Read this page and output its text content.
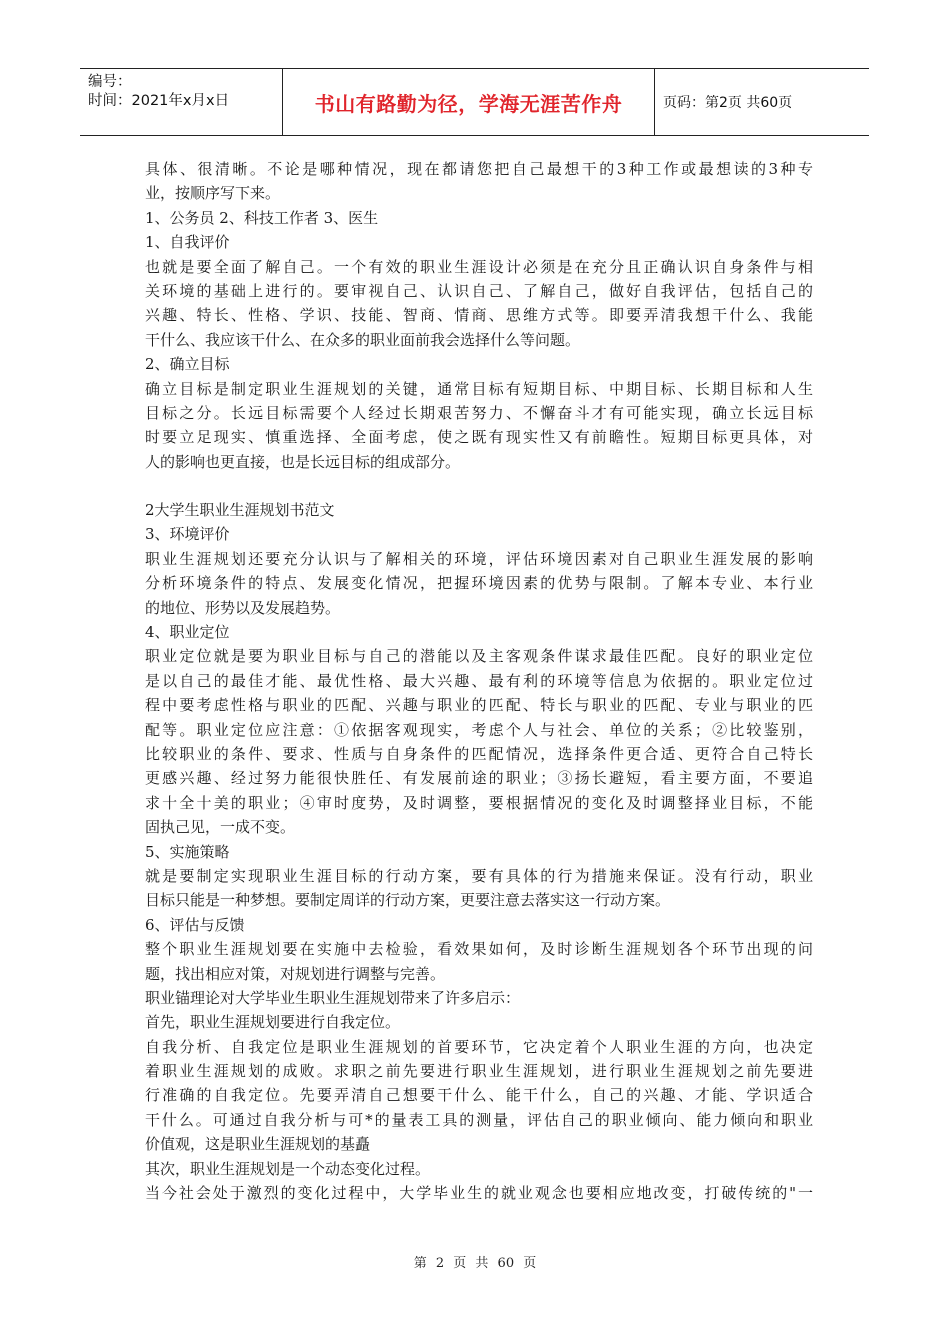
编号：
时间：2021年x月x日	书山有路勤为径，学海无涯苦作舟	页码：第2页 共60页
具体、很清晰。不论是哪种情况，现在都请您把自己最想干的3种工作或最想读的3种专
业，按顺序写下来。
1、公务员 2、科技工作者 3、医生
1、自我评价
也就是要全面了解自己。一个有效的职业生涯设计必须是在充分且正确认识自身条件与相
关环境的基础上进行的。要审视自己、认识自己、了解自己，做好自我评估，包括自己的
兴趣、特长、性格、学识、技能、智商、情商、思维方式等。即要弄清我想干什么、我能
干什么、我应该干什么、在众多的职业面前我会选择什么等问题。
2、确立目标
确立目标是制定职业生涯规划的关键，通常目标有短期目标、中期目标、长期目标和人生
目标之分。长远目标需要个人经过长期艰苦努力、不懈奋斗才有可能实现，确立长远目标
时要立足现实、慎重选择、全面考虑，使之既有现实性又有前瞻性。短期目标更具体，对
人的影响也更直接，也是长远目标的组成部分。
2大学生职业生涯规划书范文
3、环境评价
职业生涯规划还要充分认识与了解相关的环境，评估环境因素对自己职业生涯发展的影响
分析环境条件的特点、发展变化情况，把握环境因素的优势与限制。了解本专业、本行业
的地位、形势以及发展趋势。
4、职业定位
职业定位就是要为职业目标与自己的潜能以及主客观条件谋求最佳匹配。良好的职业定位
是以自己的最佳才能、最优性格、最大兴趣、最有利的环境等信息为依据的。职业定位过
程中要考虑性格与职业的匹配、兴趣与职业的匹配、特长与职业的匹配、专业与职业的匹
配等。职业定位应注意：①依据客观现实，考虑个人与社会、单位的关系；②比较鉴别，
比较职业的条件、要求、性质与自身条件的匹配情况，选择条件更合适、更符合自己特长
更感兴趣、经过努力能很快胜任、有发展前途的职业；③扬长避短，看主要方面，不要追
求十全十美的职业；④审时度势，及时调整，要根据情况的变化及时调整择业目标，不能
固执己见，一成不变。
5、实施策略
就是要制定实现职业生涯目标的行动方案，要有具体的行为措施来保证。没有行动，职业
目标只能是一种梦想。要制定周详的行动方案，更要注意去落实这一行动方案。
6、评估与反馈
整个职业生涯规划要在实施中去检验，看效果如何，及时诊断生涯规划各个环节出现的问
题，找出相应对策，对规划进行调整与完善。
职业锚理论对大学毕业生职业生涯规划带来了许多启示：
首先，职业生涯规划要进行自我定位。
自我分析、自我定位是职业生涯规划的首要环节，它决定着个人职业生涯的方向，也决定
着职业生涯规划的成败。求职之前先要进行职业生涯规划，进行职业生涯规划之前先要进
行准确的自我定位。先要弄清自己想要干什么、能干什么，自己的兴趣、才能、学识适合
干什么。可通过自我分析与可*的量表工具的测量，评估自己的职业倾向、能力倾向和职业
价值观，这是职业生涯规划的基矗
其次，职业生涯规划是一个动态变化过程。
当今社会处于激烈的变化过程中，大学毕业生的就业观念也要相应地改变，打破传统的"一
第 2 页 共 60 页
